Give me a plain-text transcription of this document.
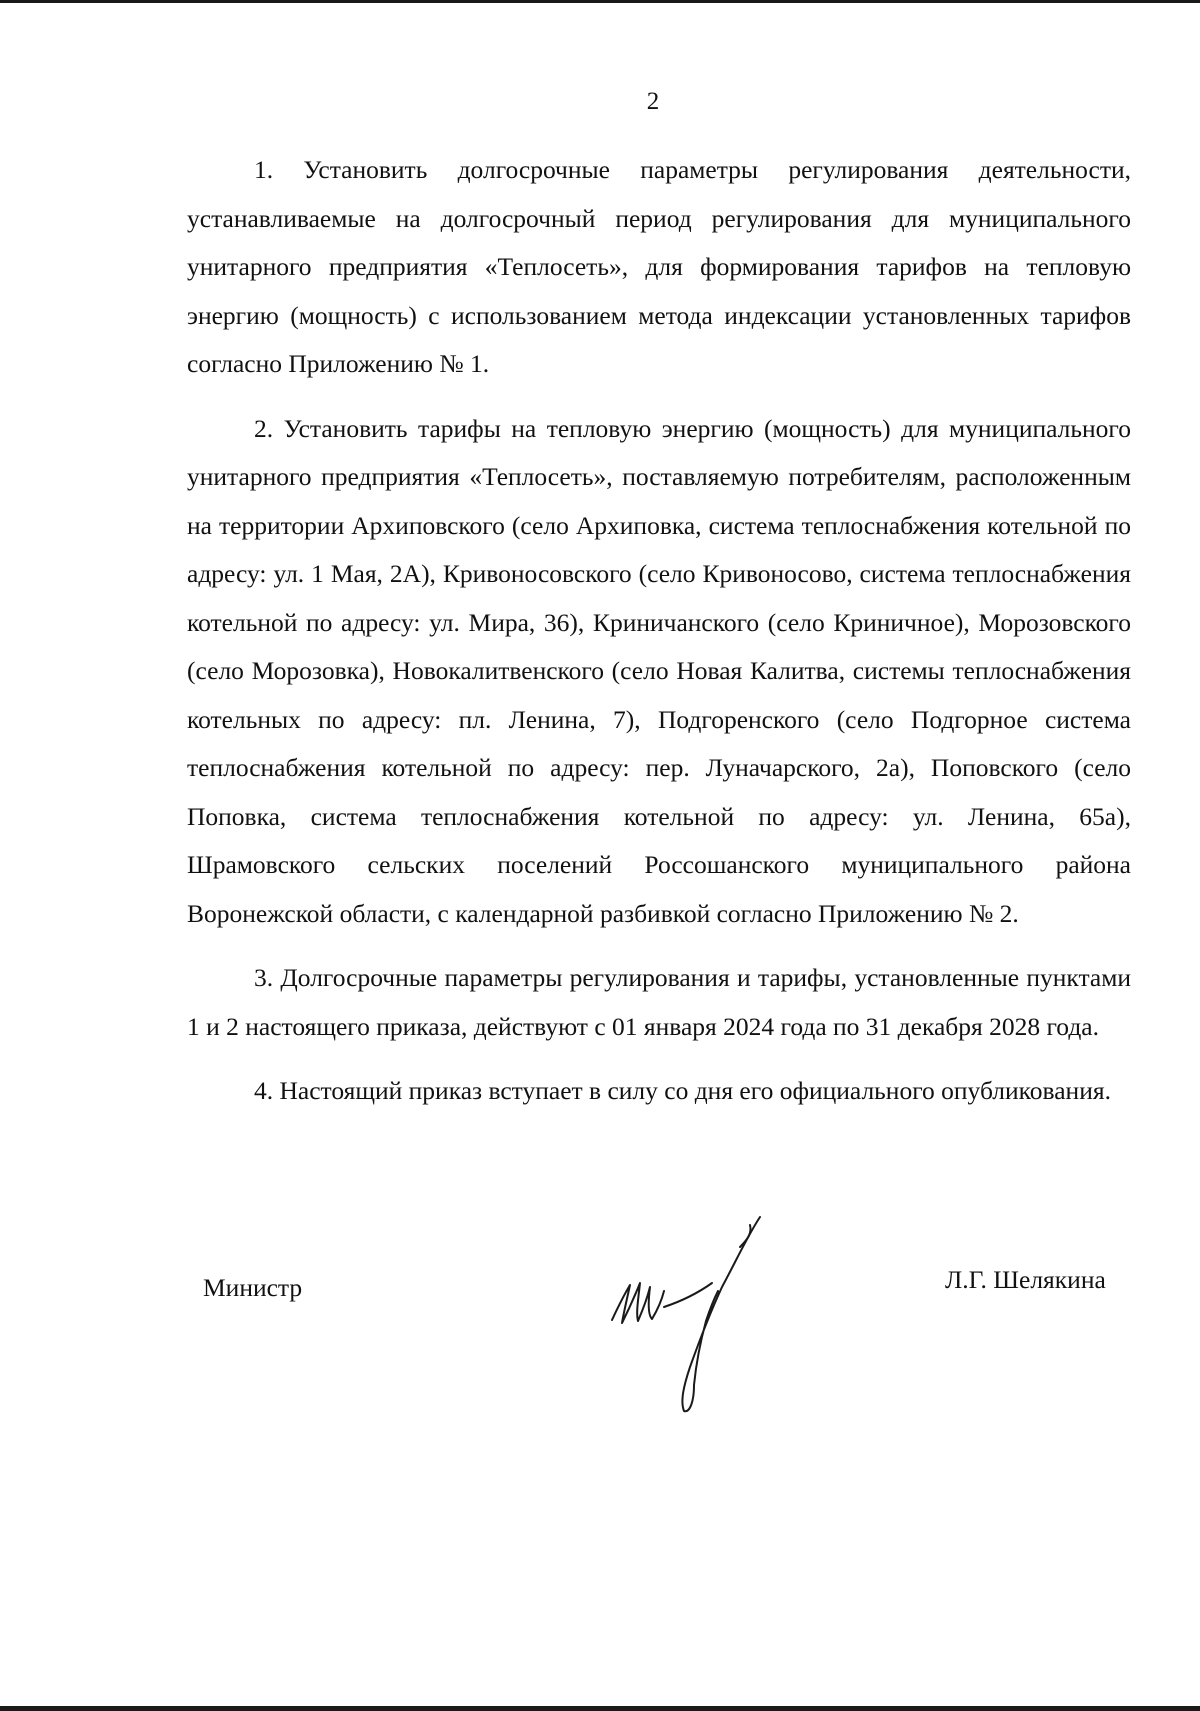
2

1. Установить долгосрочные параметры регулирования деятельности, устанавливаемые на долгосрочный период регулирования для муниципального унитарного предприятия «Теплосеть», для формирования тарифов на тепловую энергию (мощность) с использованием метода индексации установленных тарифов согласно Приложению № 1.

2. Установить тарифы на тепловую энергию (мощность) для муниципального унитарного предприятия «Теплосеть», поставляемую потребителям, расположенным на территории Архиповского (село Архиповка, система теплоснабжения котельной по адресу: ул. 1 Мая, 2А), Кривоносовского (село Кривоносово, система теплоснабжения котельной по адресу: ул. Мира, 36), Криничанского (село Криничное), Морозовского (село Морозовка), Новокалитвенского (село Новая Калитва, системы теплоснабжения котельных по адресу: пл. Ленина, 7), Подгоренского (село Подгорное система теплоснабжения котельной по адресу: пер. Луначарского, 2а), Поповского (село Поповка, система теплоснабжения котельной по адресу: ул. Ленина, 65а), Шрамовского сельских поселений Россошанского муниципального района Воронежской области, с календарной разбивкой согласно Приложению № 2.

3. Долгосрочные параметры регулирования и тарифы, установленные пунктами 1 и 2 настоящего приказа, действуют с 01 января 2024 года по 31 декабря 2028 года.

4. Настоящий приказ вступает в силу со дня его официального опубликования.

Министр	Л.Г. Шелякина
